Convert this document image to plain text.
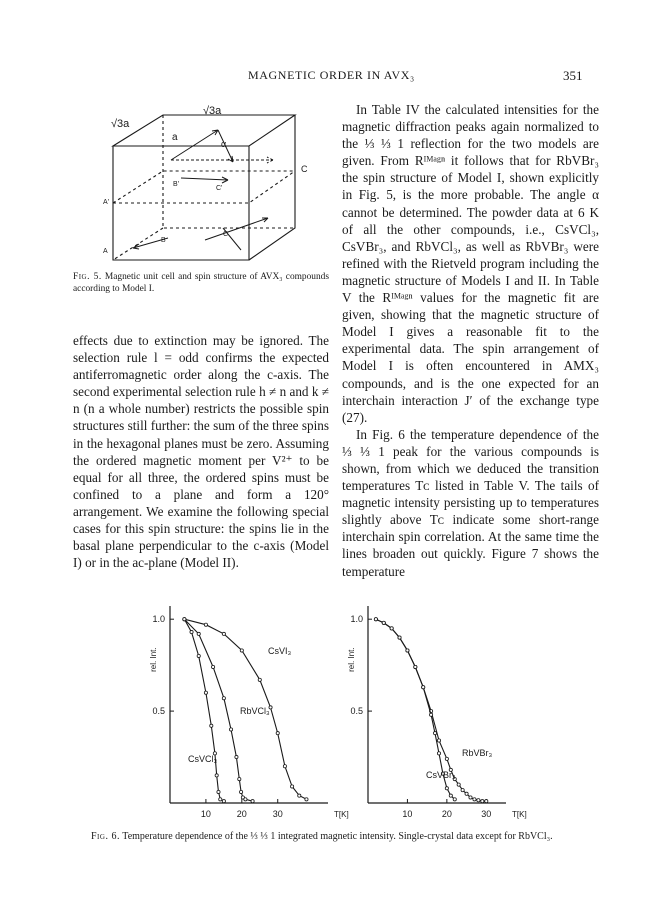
MAGNETIC ORDER IN AVX₃	351
√3a
√3a
a
α
C
B'
C'
A'
B
C
A
Fig. 5. Magnetic unit cell and spin structure of AVX₃ compounds according to Model I.

effects due to extinction may be ignored. The selection rule l = odd confirms the expected antiferromagnetic order along the c-axis. The second experimental selection rule h ≠ n and k ≠ n (n a whole number) restricts the possible spin structures still further: the sum of the three spins in the hexagonal planes must be zero. Assuming the ordered magnetic moment per V²⁺ to be equal for all three, the ordered spins must be confined to a plane and form a 120° arrangement. We examine the following special cases for this spin structure: the spins lie in the basal plane perpendicular to the c-axis (Model I) or in the ac-plane (Model II).

In Table IV the calculated intensities for the magnetic diffraction peaks again normalized to the ⅓ ⅓ 1 reflection for the two models are given. From Rᴵᴹᵃᵍⁿ it follows that for RbVBr₃ the spin structure of Model I, shown explicitly in Fig. 5, is the more probable. The angle α cannot be determined. The powder data at 6 K of all the other compounds, i.e., CsVCl₃, CsVBr₃, and RbVCl₃, as well as RbVBr₃ were refined with the Rietveld program including the magnetic structure of Models I and II. In Table V the Rᴵᴹᵃᵍⁿ values for the magnetic fit are given, showing that the magnetic structure of Model I gives a reasonable fit to the experimental data. The spin arrangement of Model I is often encountered in AMX₃ compounds, and is the one expected for an interchain interaction J′ of the exchange type (27).

In Fig. 6 the temperature dependence of the ⅓ ⅓ 1 peak for the various compounds is shown, from which we deduced the transition temperatures Tᴄ listed in Table V. The tails of magnetic intensity persisting up to temperatures slightly above Tᴄ indicate some short-range interchain spin correlation. At the same time the lines broaden out quickly. Figure 7 shows the temperature

10	20	30	T[K]
0.5
1.0
rel. Int.	CsVI₃
RbVCl₃
CsVCl₃
10	20	30	T[K]
0.5
1.0
rel. Int.
RbVBr₃
CsVBr₃
Fig. 6. Temperature dependence of the ⅓ ⅓ 1 integrated magnetic intensity. Single-crystal data except for RbVCl₃.
